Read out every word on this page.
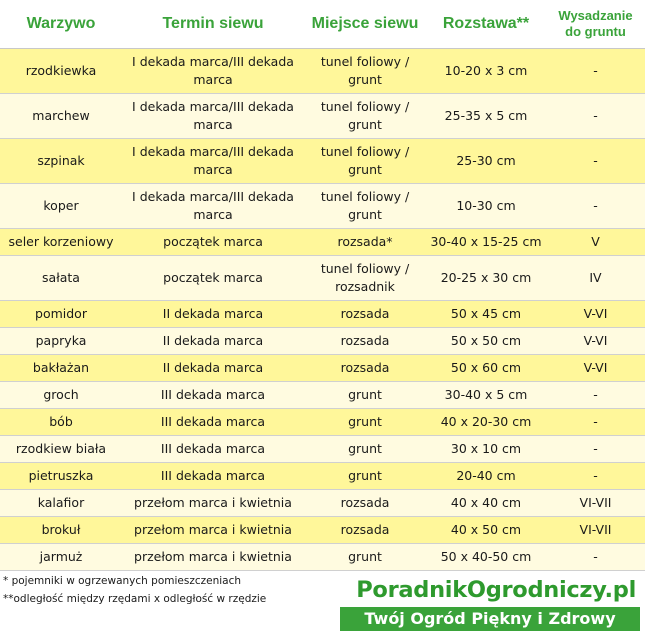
Warzywo	Termin siewu	Miejsce siewu	Rozstawa**	Wysadzanie
do gruntu
rzodkiewka	I dekada marca/III dekada marca	tunel foliowy / grunt	10-20 x 3 cm	-
marchew	I dekada marca/III dekada marca	tunel foliowy / grunt	25-35 x 5 cm	-
szpinak	I dekada marca/III dekada marca	tunel foliowy / grunt	25-30 cm	-
koper	I dekada marca/III dekada marca	tunel foliowy / grunt	10-30 cm	-
seler korzeniowy	początek marca	rozsada*	30-40 x 15-25 cm	V
sałata	początek marca	tunel foliowy / rozsadnik	20-25 x 30 cm	IV
pomidor	II dekada marca	rozsada	50 x 45 cm	V-VI
papryka	II dekada marca	rozsada	50 x 50 cm	V-VI
bakłażan	II dekada marca	rozsada	50 x 60 cm	V-VI
groch	III dekada marca	grunt	30-40 x 5 cm	-
bób	III dekada marca	grunt	40 x 20-30 cm	-
rzodkiew biała	III dekada marca	grunt	30 x 10 cm	-
pietruszka	III dekada marca	grunt	20-40 cm	-
kalafior	przełom marca i kwietnia	rozsada	40 x 40 cm	VI-VII
brokuł	przełom marca i kwietnia	rozsada	40 x 50 cm	VI-VII
jarmuż	przełom marca i kwietnia	grunt	50 x 40-50 cm	-
* pojemniki w ogrzewanych pomieszczeniach
**odległość między rzędami x odległość w rzędzie	PoradnikOgrodniczy.pl
Twój Ogród Piękny i Zdrowy
